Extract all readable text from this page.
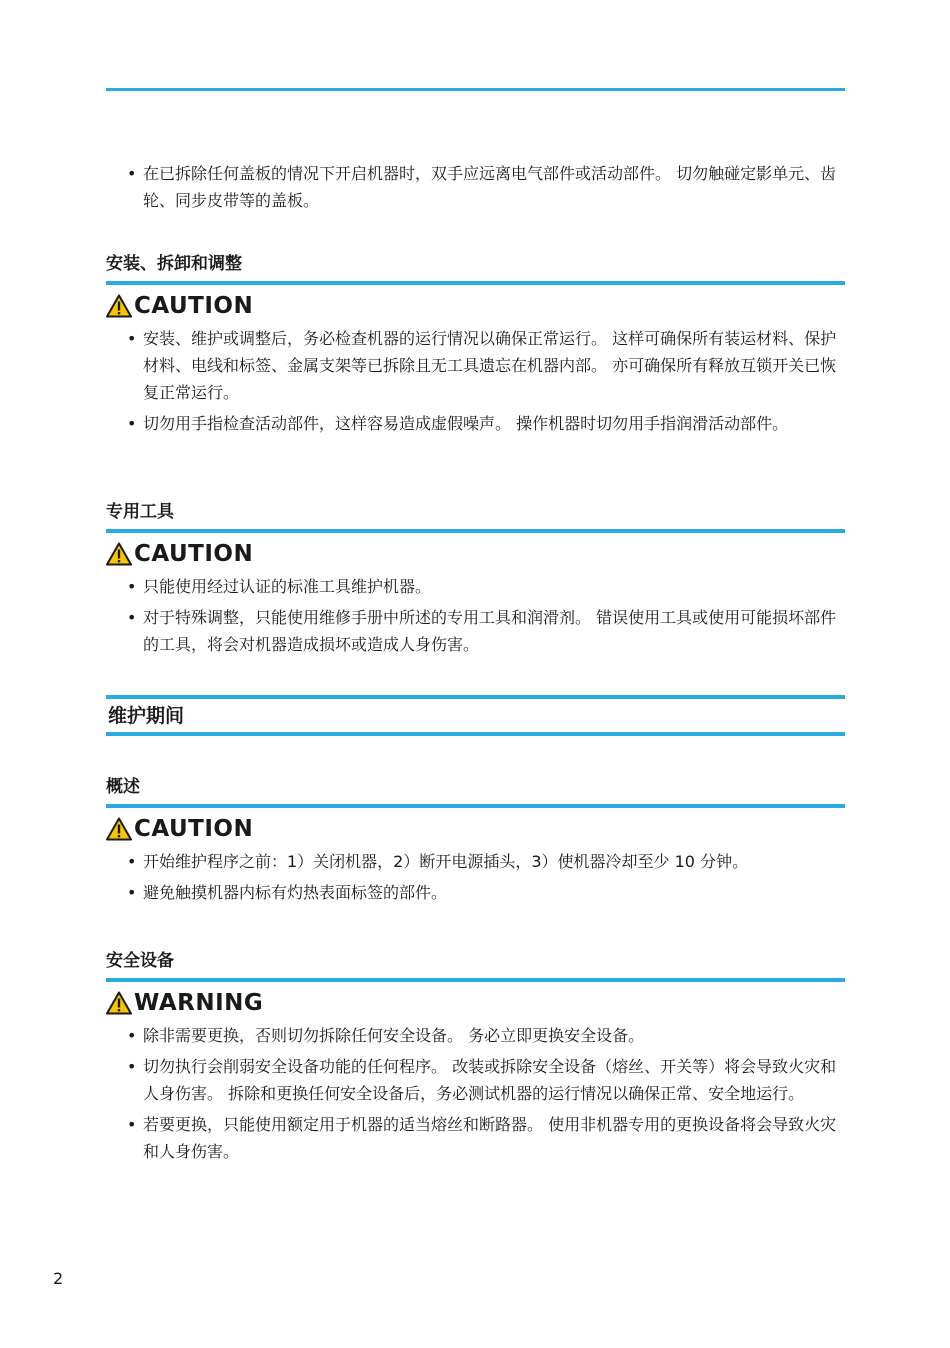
• 在已拆除任何盖板的情况下开启机器时，双手应远离电气部件或活动部件。 切勿触碰定影单元、齿轮、同步皮带等的盖板。
安装、拆卸和调整
CAUTION
• 安装、维护或调整后，务必检查机器的运行情况以确保正常运行。 这样可确保所有装运材料、保护材料、电线和标签、金属支架等已拆除且无工具遗忘在机器内部。 亦可确保所有释放互锁开关已恢复正常运行。
• 切勿用手指检查活动部件，这样容易造成虚假噪声。 操作机器时切勿用手指润滑活动部件。
专用工具
CAUTION
• 只能使用经过认证的标准工具维护机器。
• 对于特殊调整，只能使用维修手册中所述的专用工具和润滑剂。 错误使用工具或使用可能损坏部件的工具，将会对机器造成损坏或造成人身伤害。
维护期间
概述
CAUTION
• 开始维护程序之前：1）关闭机器，2）断开电源插头，3）使机器冷却至少 10 分钟。
• 避免触摸机器内标有灼热表面标签的部件。
安全设备
WARNING
• 除非需要更换，否则切勿拆除任何安全设备。 务必立即更换安全设备。
• 切勿执行会削弱安全设备功能的任何程序。 改装或拆除安全设备（熔丝、开关等）将会导致火灾和人身伤害。 拆除和更换任何安全设备后，务必测试机器的运行情况以确保正常、安全地运行。
• 若要更换，只能使用额定用于机器的适当熔丝和断路器。 使用非机器专用的更换设备将会导致火灾和人身伤害。
2
